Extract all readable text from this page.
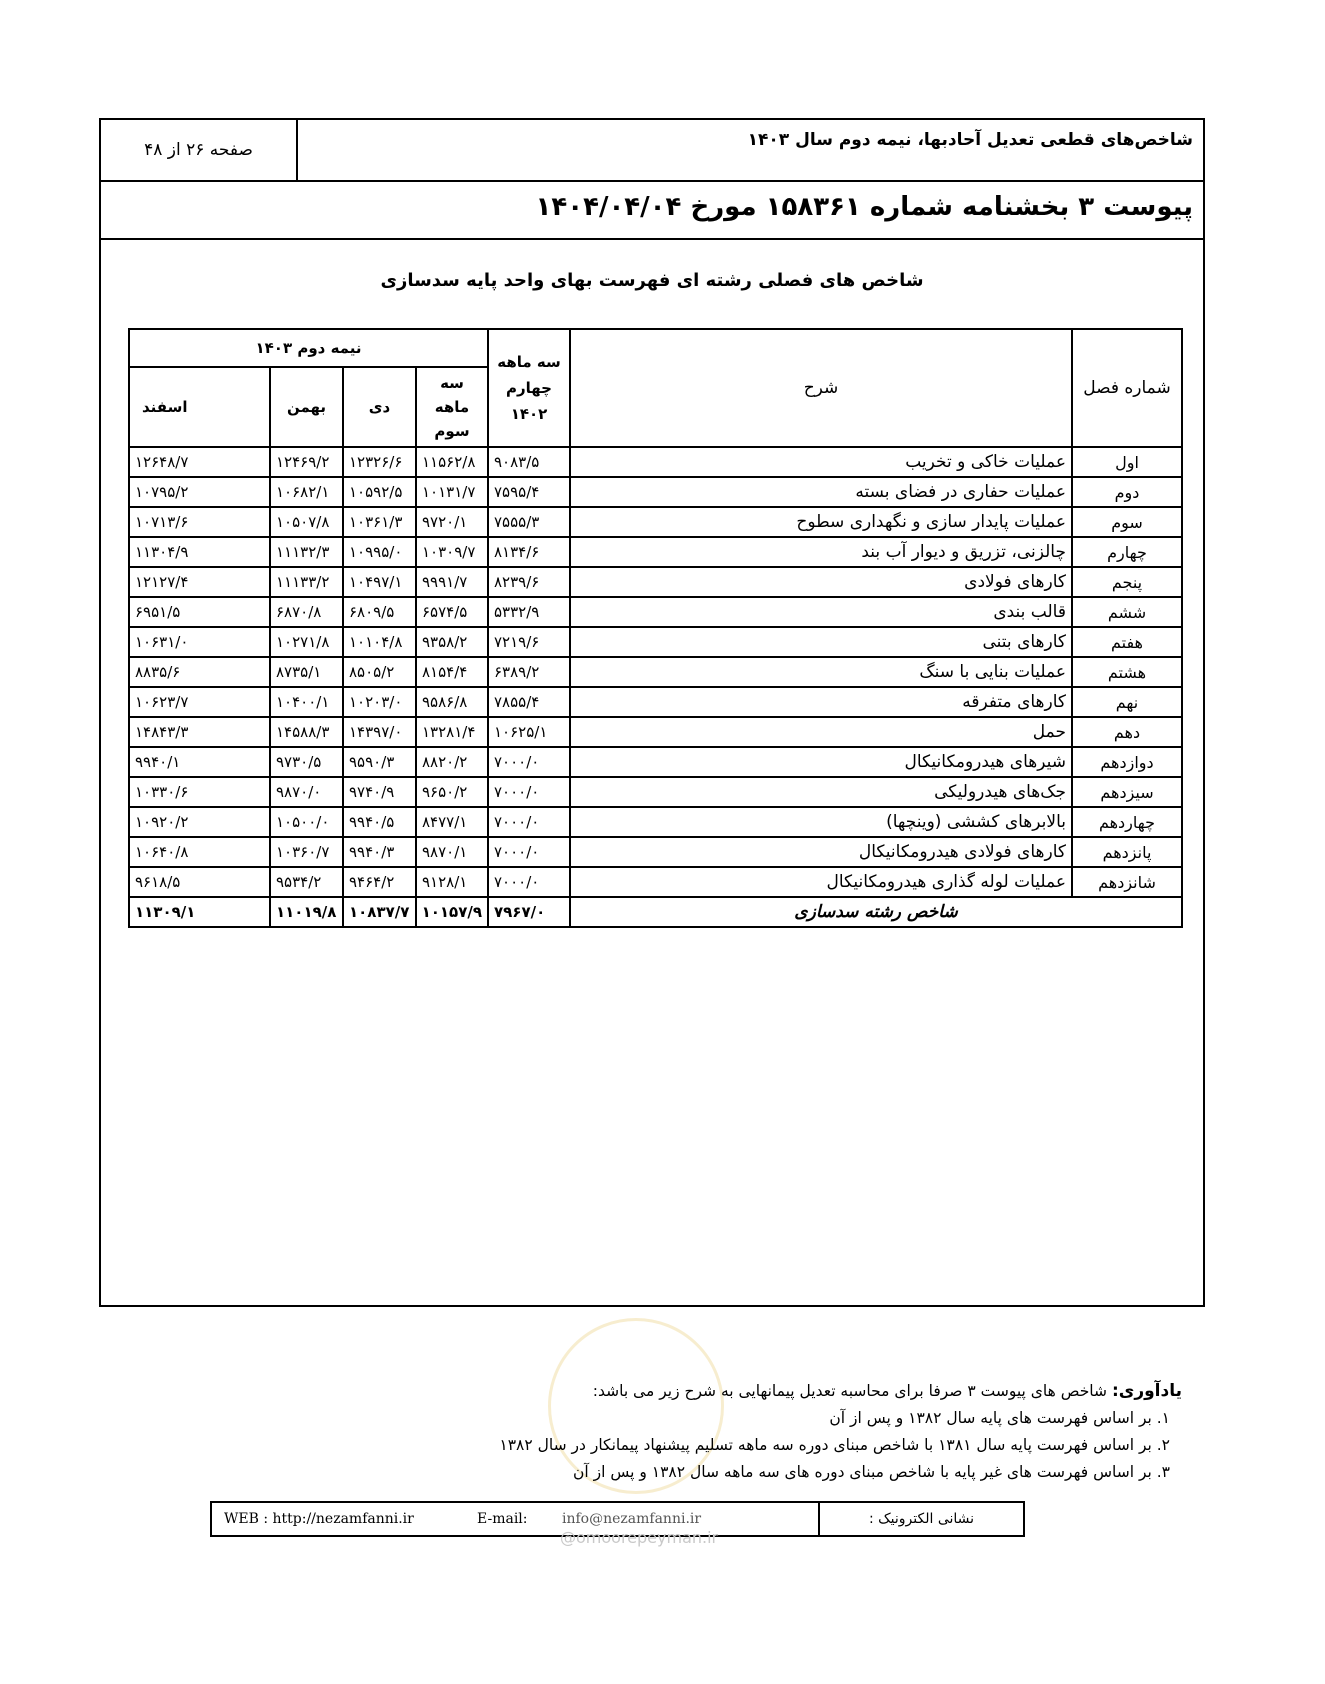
شاخص‌های قطعی تعدیل آحادبها، نیمه دوم سال ۱۴۰۳
صفحه ۲۶ از ۴۸
پیوست ۳ بخشنامه شماره ۱۵۸۳۶۱ مورخ ۱۴۰۴/۰۴/۰۴
شاخص های فصلی رشته ای فهرست بهای واحد پایه سدسازی
شماره فصل	شرح	سه ماهه چهارم ۱۴۰۲	نیمه دوم ۱۴۰۳			
			سه ماهه سوم	دی	بهمن	اسفند
اول	عملیات خاکی و تخریب	۹۰۸۳/۵	۱۱۵۶۲/۸	۱۲۳۲۶/۶	۱۲۴۶۹/۲	۱۲۶۴۸/۷
دوم	عملیات حفاری در فضای بسته	۷۵۹۵/۴	۱۰۱۳۱/۷	۱۰۵۹۲/۵	۱۰۶۸۲/۱	۱۰۷۹۵/۲
سوم	عملیات پایدار سازی و نگهداری سطوح	۷۵۵۵/۳	۹۷۲۰/۱	۱۰۳۶۱/۳	۱۰۵۰۷/۸	۱۰۷۱۳/۶
چهارم	چالزنی، تزریق و دیوار آب بند	۸۱۳۴/۶	۱۰۳۰۹/۷	۱۰۹۹۵/۰	۱۱۱۳۲/۳	۱۱۳۰۴/۹
پنجم	کارهای فولادی	۸۲۳۹/۶	۹۹۹۱/۷	۱۰۴۹۷/۱	۱۱۱۳۳/۲	۱۲۱۲۷/۴
ششم	قالب بندی	۵۳۳۲/۹	۶۵۷۴/۵	۶۸۰۹/۵	۶۸۷۰/۸	۶۹۵۱/۵
هفتم	کارهای بتنی	۷۲۱۹/۶	۹۳۵۸/۲	۱۰۱۰۴/۸	۱۰۲۷۱/۸	۱۰۶۳۱/۰
هشتم	عملیات بنایی با سنگ	۶۳۸۹/۲	۸۱۵۴/۴	۸۵۰۵/۲	۸۷۳۵/۱	۸۸۳۵/۶
نهم	کارهای متفرقه	۷۸۵۵/۴	۹۵۸۶/۸	۱۰۲۰۳/۰	۱۰۴۰۰/۱	۱۰۶۲۳/۷
دهم	حمل	۱۰۶۲۵/۱	۱۳۲۸۱/۴	۱۴۳۹۷/۰	۱۴۵۸۸/۳	۱۴۸۴۳/۳
دوازدهم	شیرهای هیدرومکانیکال	۷۰۰۰/۰	۸۸۲۰/۲	۹۵۹۰/۳	۹۷۳۰/۵	۹۹۴۰/۱
سیزدهم	جک‌های هیدرولیکی	۷۰۰۰/۰	۹۶۵۰/۲	۹۷۴۰/۹	۹۸۷۰/۰	۱۰۳۳۰/۶
چهاردهم	بالابرهای کششی (وینچها)	۷۰۰۰/۰	۸۴۷۷/۱	۹۹۴۰/۵	۱۰۵۰۰/۰	۱۰۹۲۰/۲
پانزدهم	کارهای فولادی هیدرومکانیکال	۷۰۰۰/۰	۹۸۷۰/۱	۹۹۴۰/۳	۱۰۳۶۰/۷	۱۰۶۴۰/۸
شانزدهم	عملیات لوله گذاری هیدرومکانیکال	۷۰۰۰/۰	۹۱۲۸/۱	۹۴۶۴/۲	۹۵۳۴/۲	۹۶۱۸/۵
شاخص رشته سدسازی		۷۹۶۷/۰	۱۰۱۵۷/۹	۱۰۸۳۷/۷	۱۱۰۱۹/۸	۱۱۳۰۹/۱
یادآوری: شاخص های پیوست ۳ صرفا برای محاسبه تعدیل پیمانهایی به شرح زیر می باشد:
۱. بر اساس فهرست های پایه سال ۱۳۸۲ و پس از آن
۲. بر اساس فهرست پایه سال ۱۳۸۱ با شاخص مبنای دوره سه ماهه تسلیم پیشنهاد پیمانکار در سال ۱۳۸۲
۳. بر اساس فهرست های غیر پایه با شاخص مبنای دوره های سه ماهه سال ۱۳۸۲ و پس از آن
نشانی الکترونیک :
WEB : http://nezamfanni.ir	E-mail: info@nezamfanni.ir
@omoorepeyman.ir
